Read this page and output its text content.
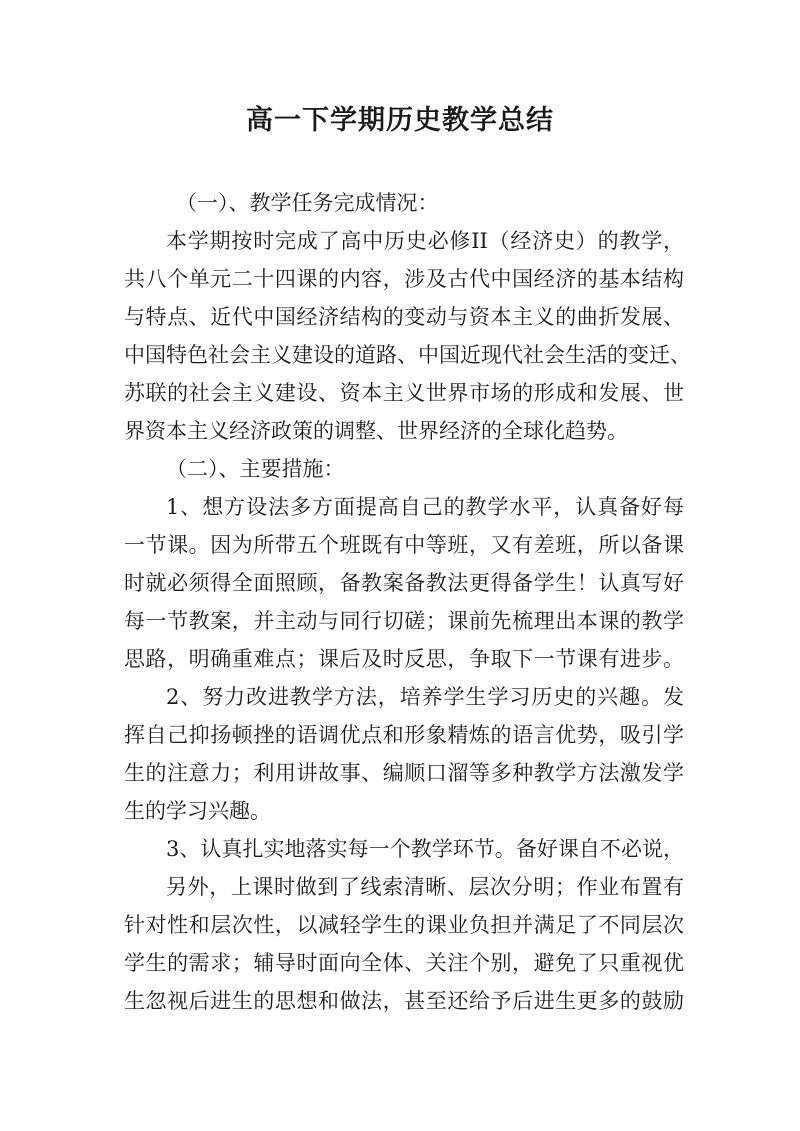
高一下学期历史教学总结
（一）、教学任务完成情况：
本学期按时完成了高中历史必修II（经济史）的教学，
共八个单元二十四课的内容，涉及古代中国经济的基本结构
与特点、近代中国经济结构的变动与资本主义的曲折发展、
中国特色社会主义建设的道路、中国近现代社会生活的变迁、
苏联的社会主义建设、资本主义世界市场的形成和发展、世
界资本主义经济政策的调整、世界经济的全球化趋势。
（二）、主要措施：
1、想方设法多方面提高自己的教学水平，认真备好每
一节课。因为所带五个班既有中等班，又有差班，所以备课
时就必须得全面照顾，备教案备教法更得备学生！认真写好
每一节教案，并主动与同行切磋；课前先梳理出本课的教学
思路，明确重难点；课后及时反思，争取下一节课有进步。
2、努力改进教学方法，培养学生学习历史的兴趣。发
挥自己抑扬顿挫的语调优点和形象精炼的语言优势，吸引学
生的注意力；利用讲故事、编顺口溜等多种教学方法激发学
生的学习兴趣。
3、认真扎实地落实每一个教学环节。备好课自不必说，
另外，上课时做到了线索清晰、层次分明；作业布置有
针对性和层次性，以减轻学生的课业负担并满足了不同层次
学生的需求；辅导时面向全体、关注个别，避免了只重视优
生忽视后进生的思想和做法，甚至还给予后进生更多的鼓励
